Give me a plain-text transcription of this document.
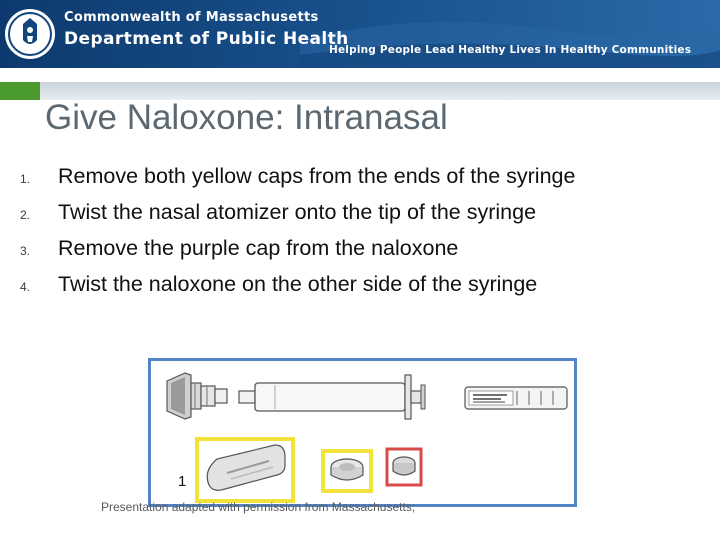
Commonwealth of Massachusetts
Department of Public Health
Helping People Lead Healthy Lives In Healthy Communities
Give Naloxone: Intranasal
1. Remove both yellow caps from the ends of the syringe
2. Twist the nasal atomizer onto the tip of the syringe
3. Remove the purple cap from the naloxone
4. Twist the naloxone on the other side of the syringe
1
Presentation adapted with permission from Massachusetts;
